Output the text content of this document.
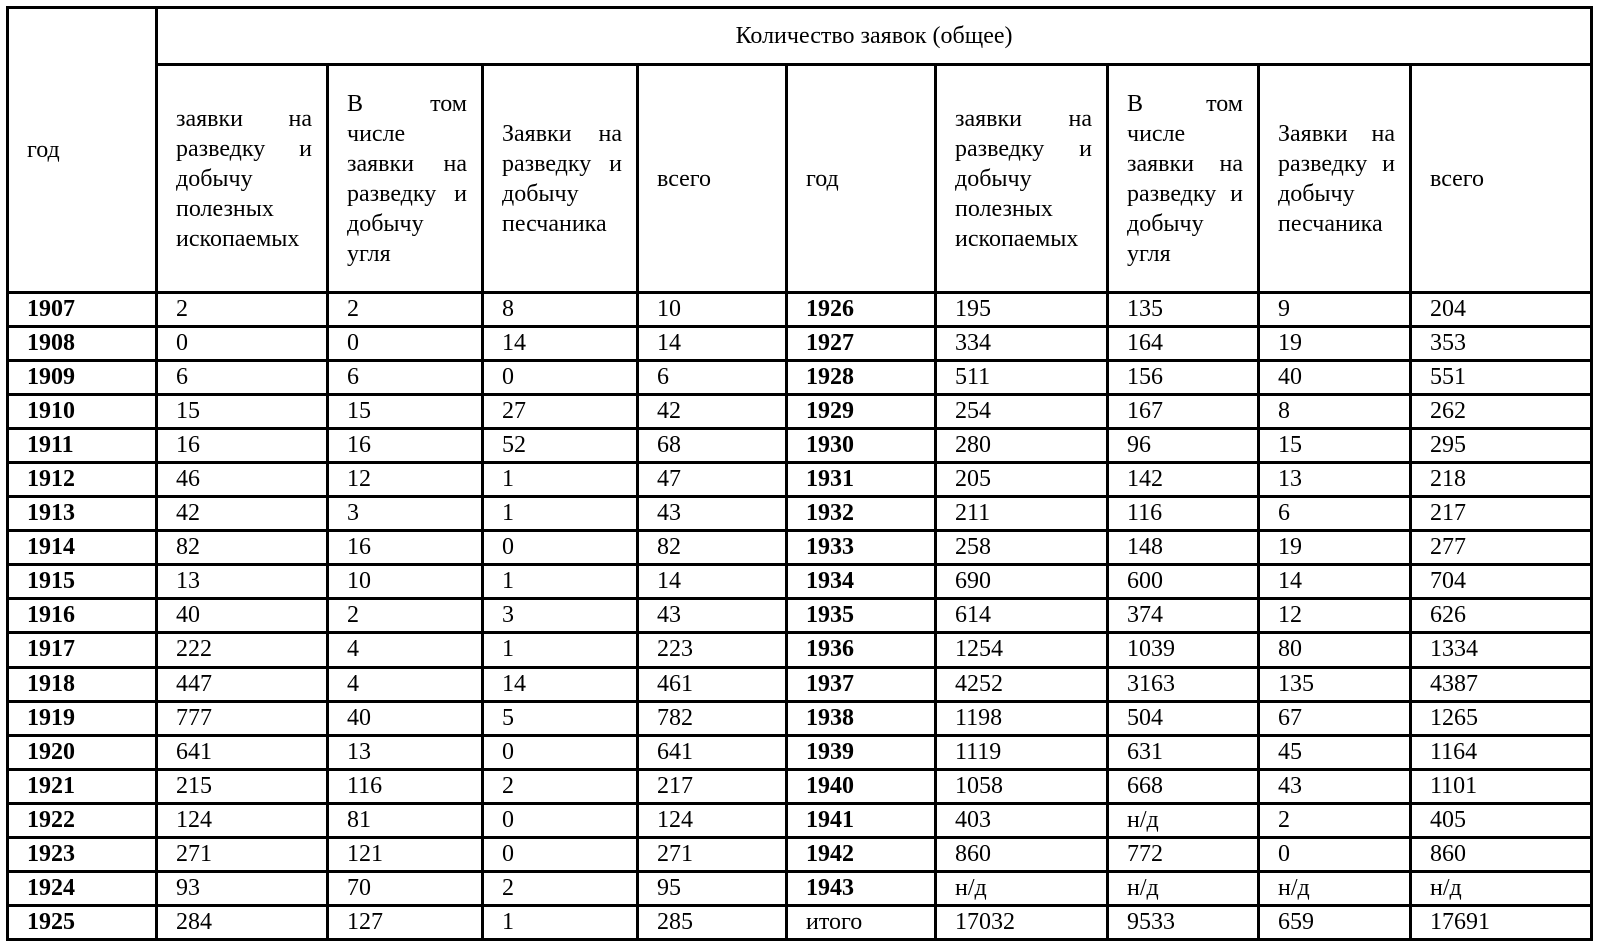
год	Количество заявок (общее)								

	заявки на разведку и добычу полезных ископаемых	В том числе заявки на разведку и добычу угля	Заявки на разведку и добычу песчаника	всего	год	заявки на разведку и добычу полезных ископаемых	В том числе заявки на разведку и добычу угля	Заявки на разведку и добычу песчаника	всего

1907	2	2	8	10	1926	195	135	9	204
1908	0	0	14	14	1927	334	164	19	353
1909	6	6	0	6	1928	511	156	40	551
1910	15	15	27	42	1929	254	167	8	262
1911	16	16	52	68	1930	280	96	15	295
1912	46	12	1	47	1931	205	142	13	218
1913	42	3	1	43	1932	211	116	6	217
1914	82	16	0	82	1933	258	148	19	277
1915	13	10	1	14	1934	690	600	14	704
1916	40	2	3	43	1935	614	374	12	626
1917	222	4	1	223	1936	1254	1039	80	1334
1918	447	4	14	461	1937	4252	3163	135	4387
1919	777	40	5	782	1938	1198	504	67	1265
1920	641	13	0	641	1939	1119	631	45	1164
1921	215	116	2	217	1940	1058	668	43	1101
1922	124	81	0	124	1941	403	н/д	2	405
1923	271	121	0	271	1942	860	772	0	860
1924	93	70	2	95	1943	н/д	н/д	н/д	н/д
1925	284	127	1	285	итого	17032	9533	659	17691
